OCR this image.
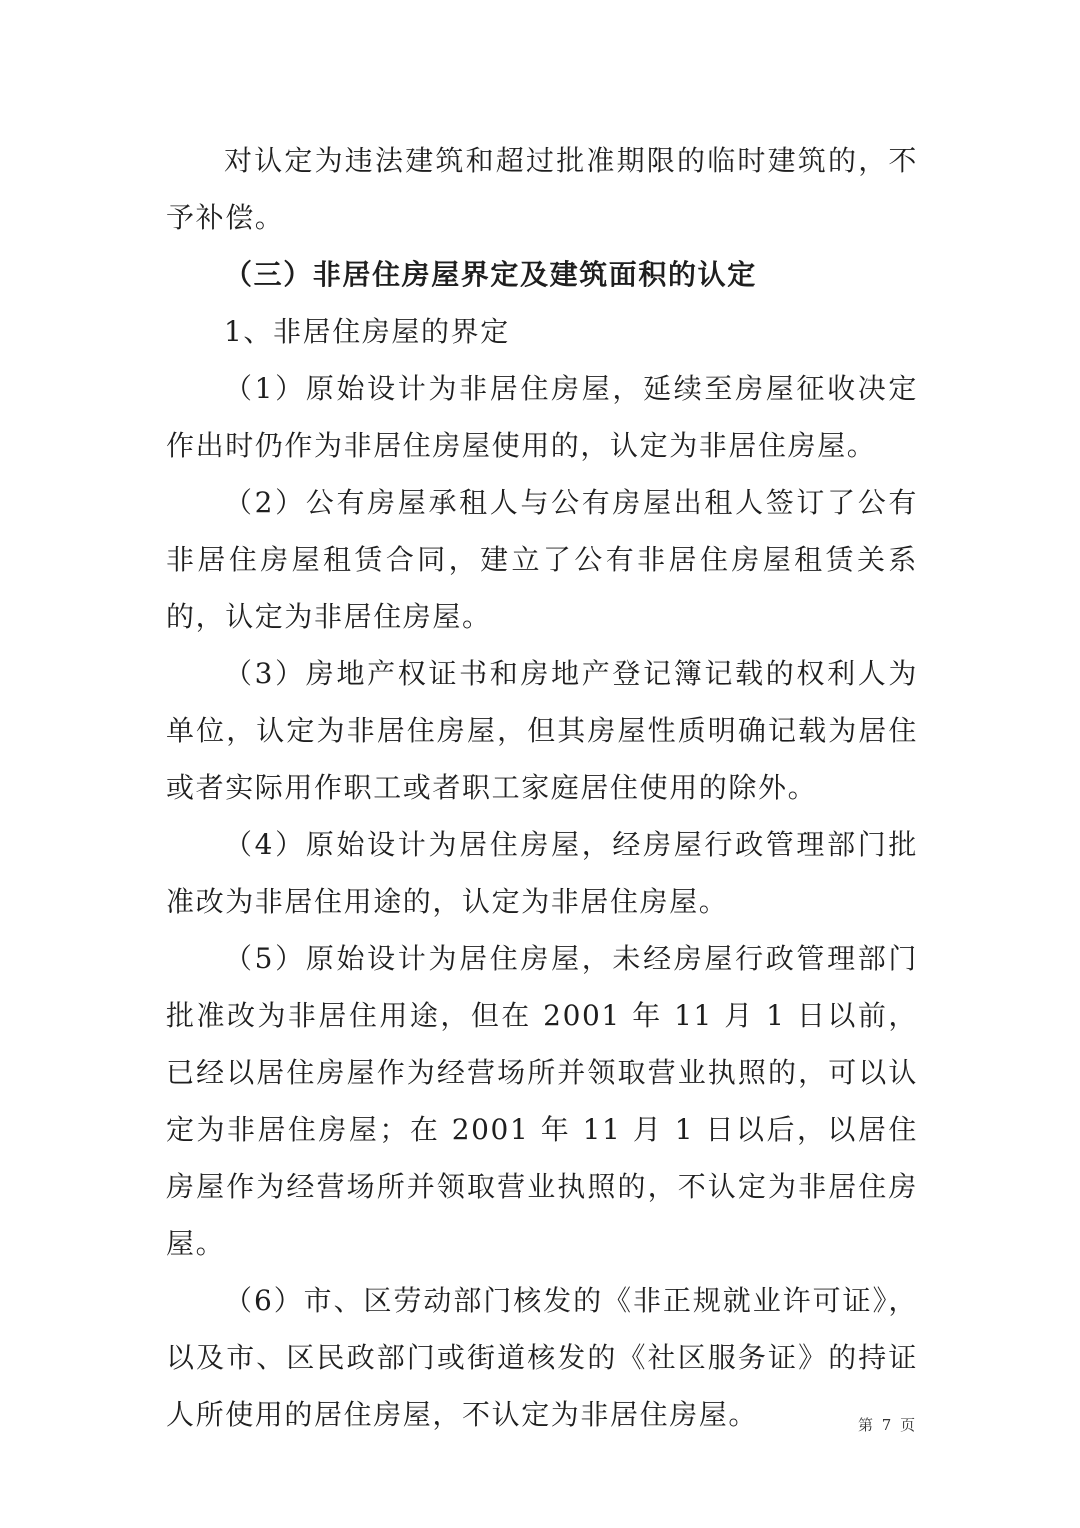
对认定为违法建筑和超过批准期限的临时建筑的，不予补偿。

（三）非居住房屋界定及建筑面积的认定

1、非居住房屋的界定

（1）原始设计为非居住房屋，延续至房屋征收决定作出时仍作为非居住房屋使用的，认定为非居住房屋。

（2）公有房屋承租人与公有房屋出租人签订了公有非居住房屋租赁合同，建立了公有非居住房屋租赁关系的，认定为非居住房屋。

（3）房地产权证书和房地产登记簿记载的权利人为单位，认定为非居住房屋，但其房屋性质明确记载为居住或者实际用作职工或者职工家庭居住使用的除外。

（4）原始设计为居住房屋，经房屋行政管理部门批准改为非居住用途的，认定为非居住房屋。

（5）原始设计为居住房屋，未经房屋行政管理部门批准改为非居住用途，但在 2001 年 11 月 1 日以前，已经以居住房屋作为经营场所并领取营业执照的，可以认定为非居住房屋；在 2001 年 11 月 1 日以后，以居住房屋作为经营场所并领取营业执照的，不认定为非居住房屋。

（6）市、区劳动部门核发的《非正规就业许可证》，以及市、区民政部门或街道核发的《社区服务证》的持证人所使用的居住房屋，不认定为非居住房屋。	第 7 页
